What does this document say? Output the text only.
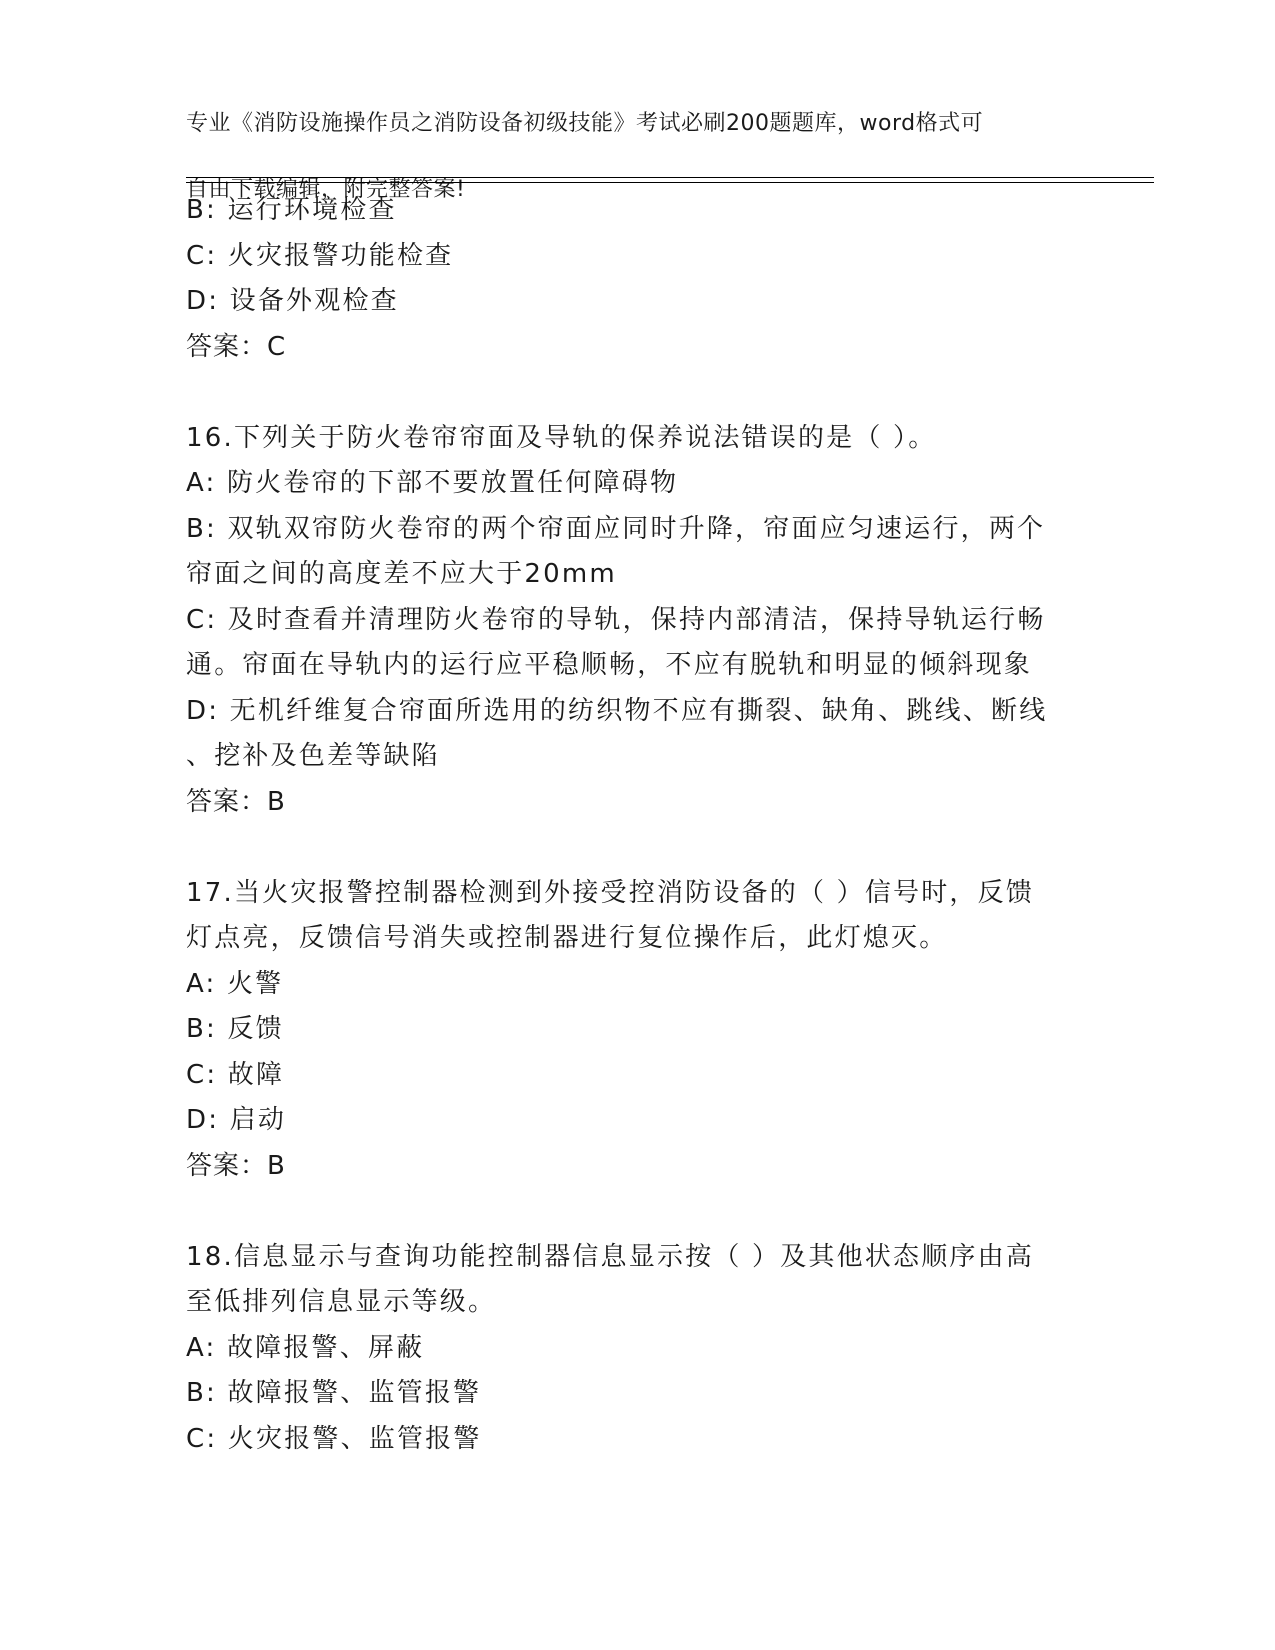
专业《消防设施操作员之消防设备初级技能》考试必刷200题题库，word格式可

自由下载编辑，附完整答案!

B: 运行环境检查
C: 火灾报警功能检查
D: 设备外观检查
答案：C
16.下列关于防火卷帘帘面及导轨的保养说法错误的是（ ）。
A: 防火卷帘的下部不要放置任何障碍物
B: 双轨双帘防火卷帘的两个帘面应同时升降，帘面应匀速运行，两个
帘面之间的高度差不应大于20mm
C: 及时查看并清理防火卷帘的导轨，保持内部清洁，保持导轨运行畅
通。帘面在导轨内的运行应平稳顺畅，不应有脱轨和明显的倾斜现象
D: 无机纤维复合帘面所选用的纺织物不应有撕裂、缺角、跳线、断线
、挖补及色差等缺陷
答案：B
17.当火灾报警控制器检测到外接受控消防设备的（ ）信号时，反馈
灯点亮，反馈信号消失或控制器进行复位操作后，此灯熄灭。
A: 火警
B: 反馈
C: 故障
D: 启动
答案：B
18.信息显示与查询功能控制器信息显示按（ ）及其他状态顺序由高
至低排列信息显示等级。
A: 故障报警、屏蔽
B: 故障报警、监管报警
C: 火灾报警、监管报警
